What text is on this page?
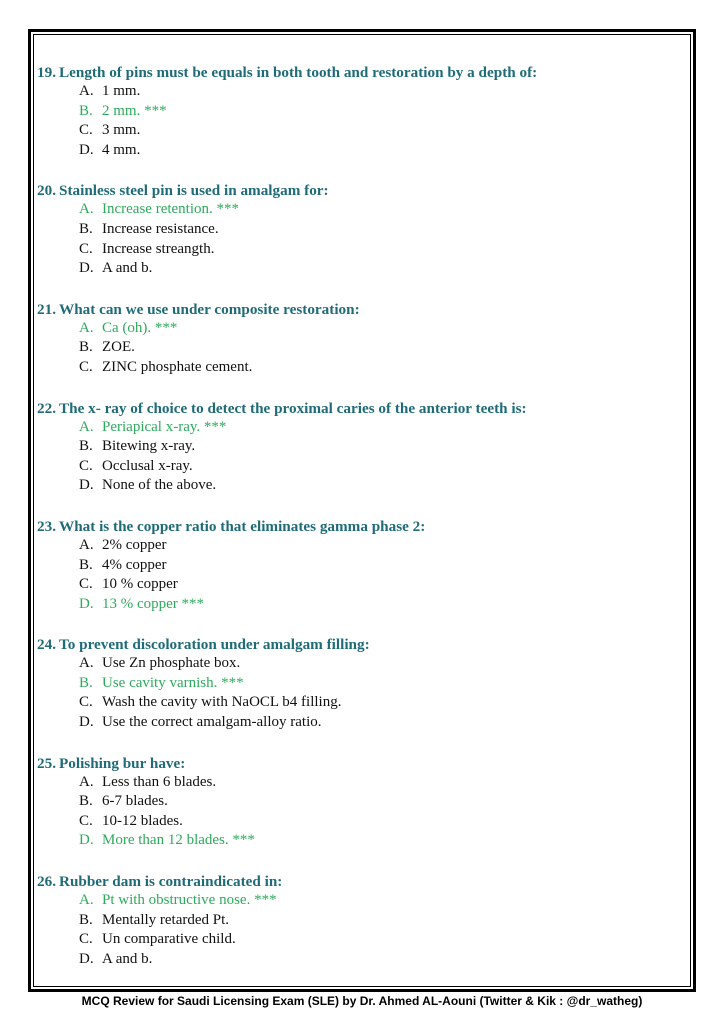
19. Length of pins must be equals in both tooth and restoration by a depth of:
A. 1 mm.
B. 2 mm. ***
C. 3 mm.
D. 4 mm.
20. Stainless steel pin is used in amalgam for:
A. Increase retention. ***
B. Increase resistance.
C. Increase streangth.
D. A and b.
21. What can we use under composite restoration:
A. Ca (oh). ***
B. ZOE.
C. ZINC phosphate cement.
22. The x- ray of choice to detect the proximal caries of the anterior teeth is:
A. Periapical x-ray. ***
B. Bitewing x-ray.
C. Occlusal x-ray.
D. None of the above.
23. What is the copper ratio that eliminates gamma phase 2:
A. 2% copper
B. 4% copper
C. 10 % copper
D. 13 % copper ***
24. To prevent discoloration under amalgam filling:
A. Use Zn phosphate box.
B. Use cavity varnish. ***
C. Wash the cavity with NaOCL b4 filling.
D. Use the correct amalgam-alloy ratio.
25. Polishing bur have:
A. Less than 6 blades.
B. 6-7 blades.
C. 10-12 blades.
D. More than 12 blades. ***
26. Rubber dam is contraindicated in:
A. Pt with obstructive nose. ***
B. Mentally retarded Pt.
C. Un comparative child.
D. A and b.
MCQ Review for Saudi Licensing Exam (SLE) by Dr. Ahmed AL-Aouni (Twitter & Kik : @dr_watheg)
